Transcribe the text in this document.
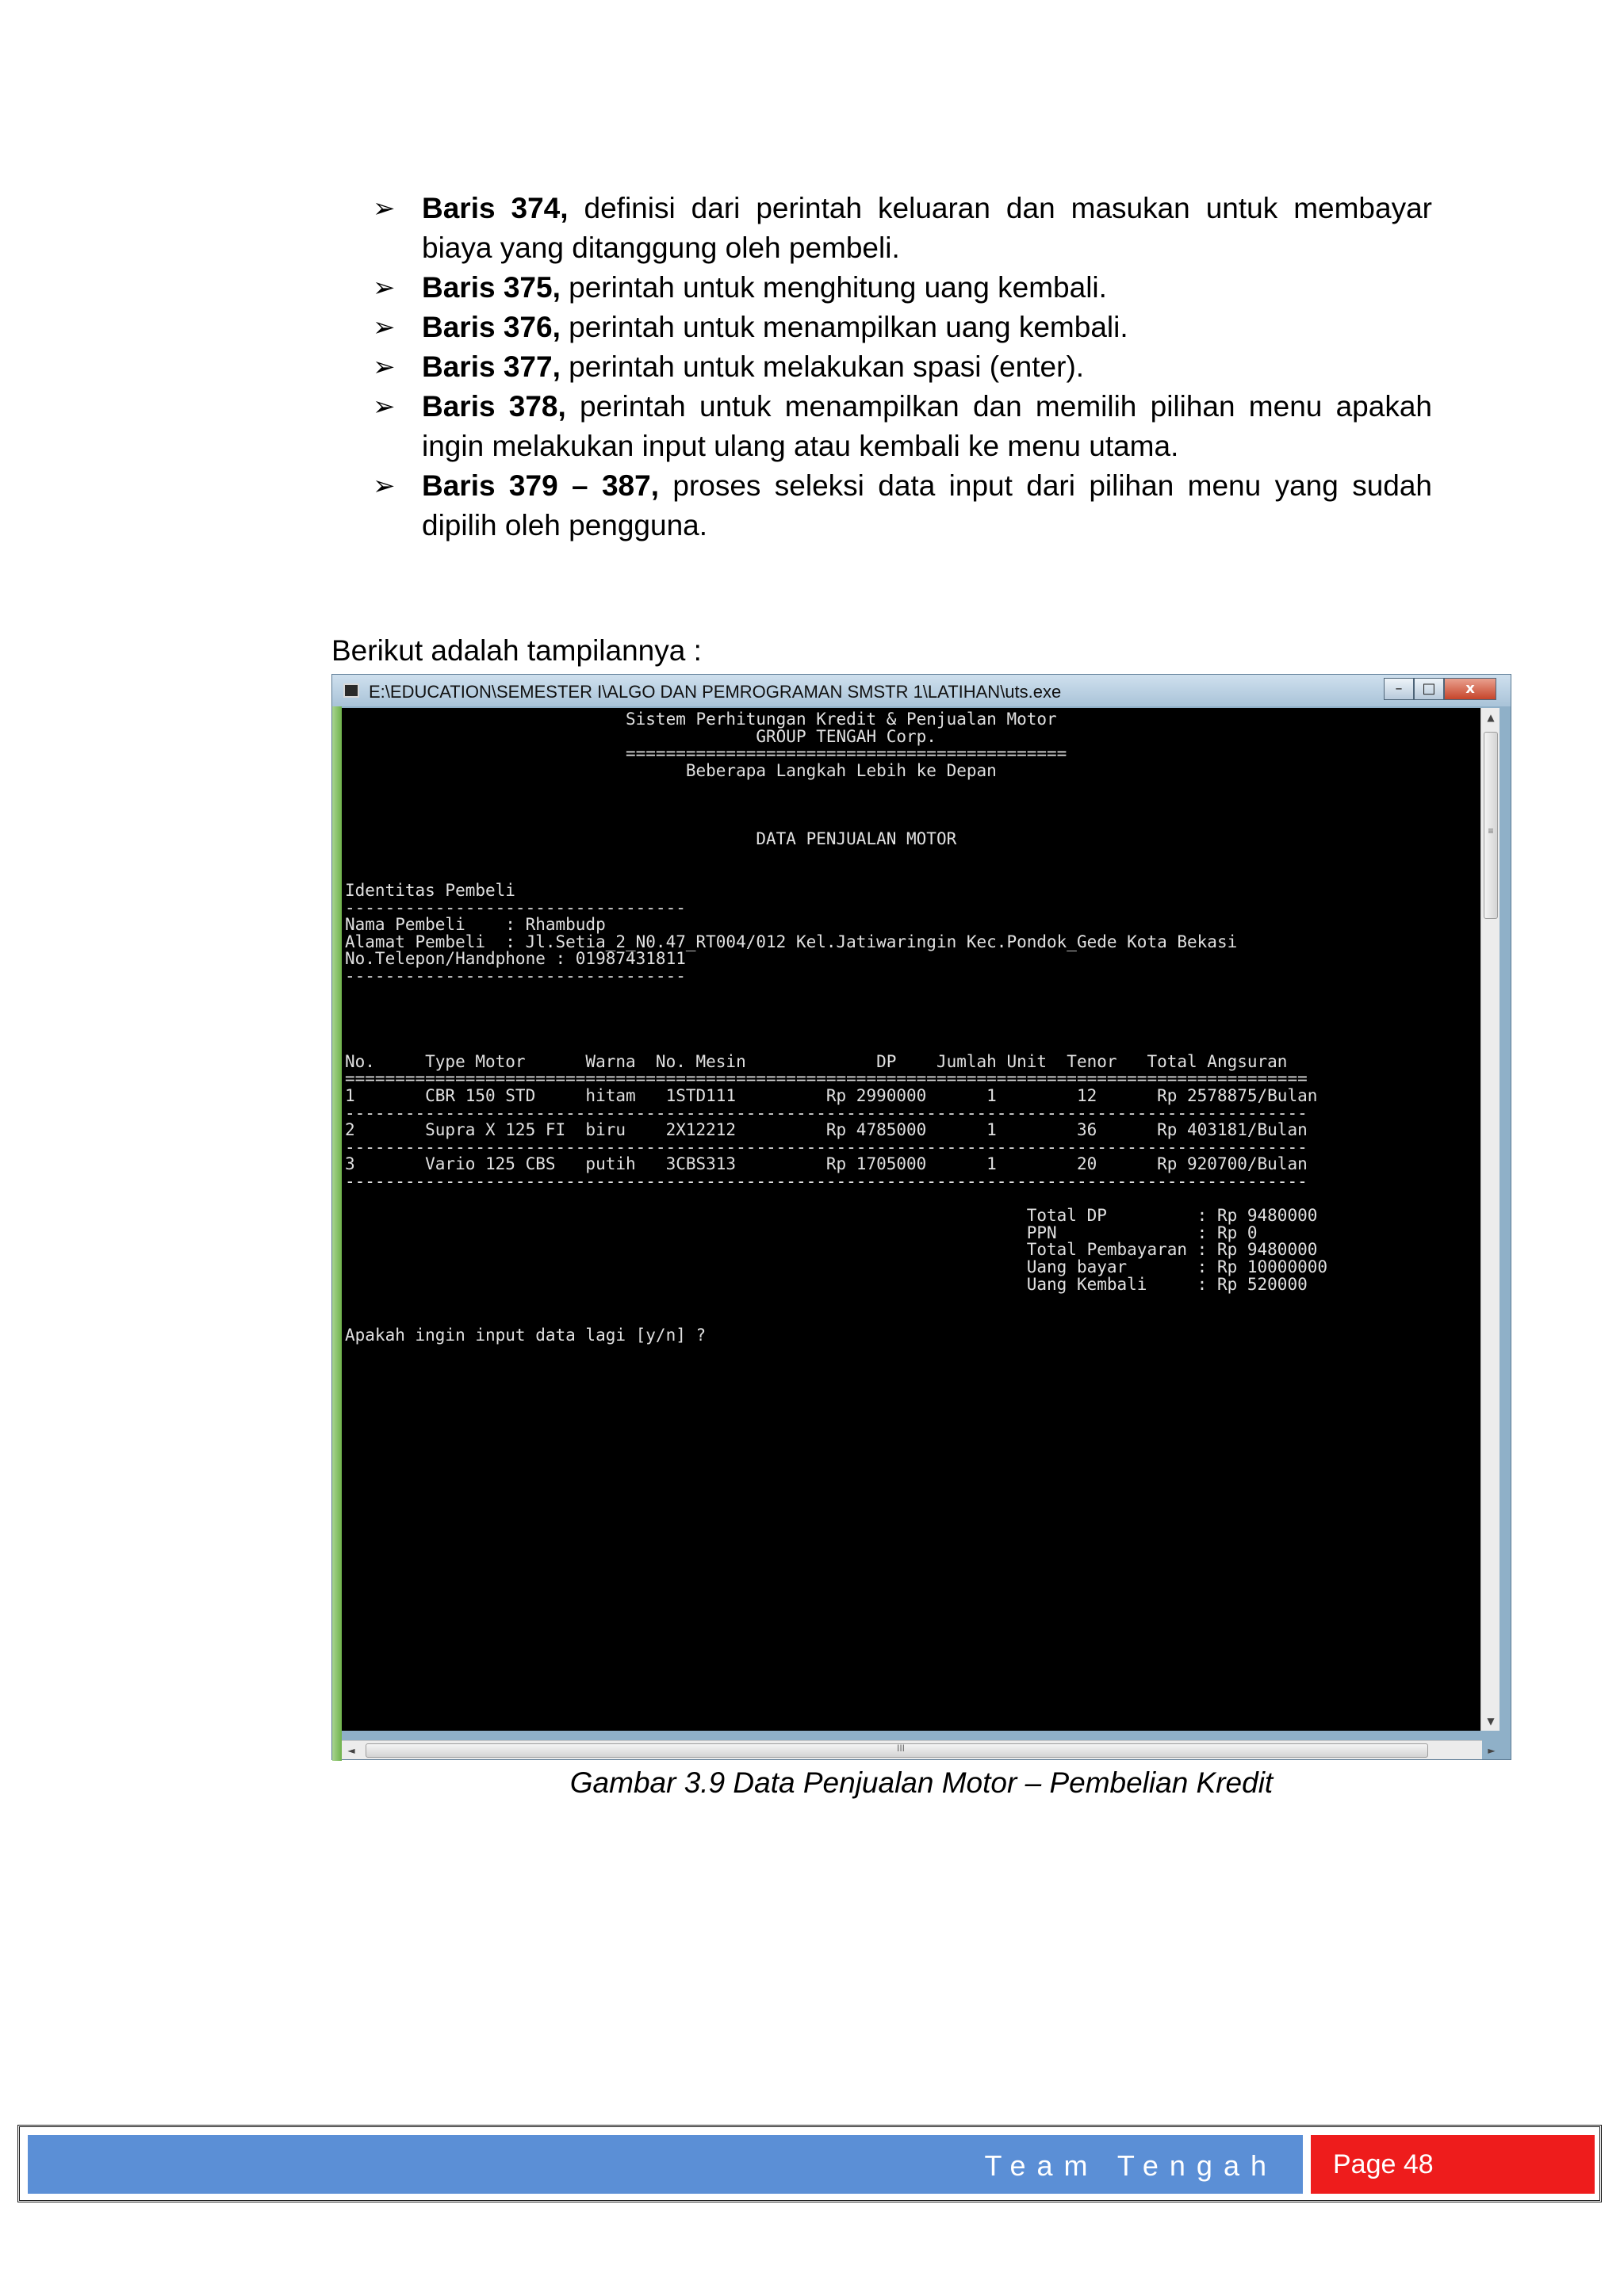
➢ Baris 374, definisi dari perintah keluaran dan masukan untuk membayar biaya yang ditanggung oleh pembeli.
➢ Baris 375, perintah untuk menghitung uang kembali.
➢ Baris 376, perintah untuk menampilkan uang kembali.
➢ Baris 377, perintah untuk melakukan spasi (enter).
➢ Baris 378, perintah untuk menampilkan dan memilih pilihan menu apakah ingin melakukan input ulang atau kembali ke menu utama.
➢ Baris 379 – 387, proses seleksi data input dari pilihan menu yang sudah dipilih oleh pengguna.
Berikut adalah tampilannya :
E:\EDUCATION\SEMESTER I\ALGO DAN PEMROGRAMAN SMSTR 1\LATIHAN\uts.exe	–	□	x
Sistem Perhitungan Kredit & Penjualan Motor
GROUP TENGAH Corp.
============================================
Beberapa Langkah Lebih ke Depan

DATA PENJUALAN MOTOR

Identitas Pembeli
----------------------------------
Nama Pembeli    : Rhambudp
Alamat Pembeli  : Jl.Setia_2_N0.47_RT004/012 Kel.Jatiwaringin Kec.Pondok_Gede Kota Bekasi
No.Telepon/Handphone : 01987431811
----------------------------------

No.     Type Motor      Warna  No. Mesin             DP    Jumlah Unit  Tenor   Total Angsuran
================================================================================================
1       CBR 150 STD     hitam   1STD111         Rp 2990000      1        12      Rp 2578875/Bulan
------------------------------------------------------------------------------------------------
2       Supra X 125 FI  biru    2X12212         Rp 4785000      1        36      Rp 403181/Bulan
------------------------------------------------------------------------------------------------
3       Vario 125 CBS   putih   3CBS313         Rp 1705000      1        20      Rp 920700/Bulan
------------------------------------------------------------------------------------------------

Total DP         : Rp 9480000
PPN              : Rp 0
Total Pembayaran : Rp 9480000
Uang bayar       : Rp 10000000
Uang Kembali     : Rp 520000

Apakah ingin input data lagi [y/n] ?
▲
≡
▼
◄	III	►
Gambar 3.9 Data Penjualan Motor – Pembelian Kredit
Team Tengah Page 48
